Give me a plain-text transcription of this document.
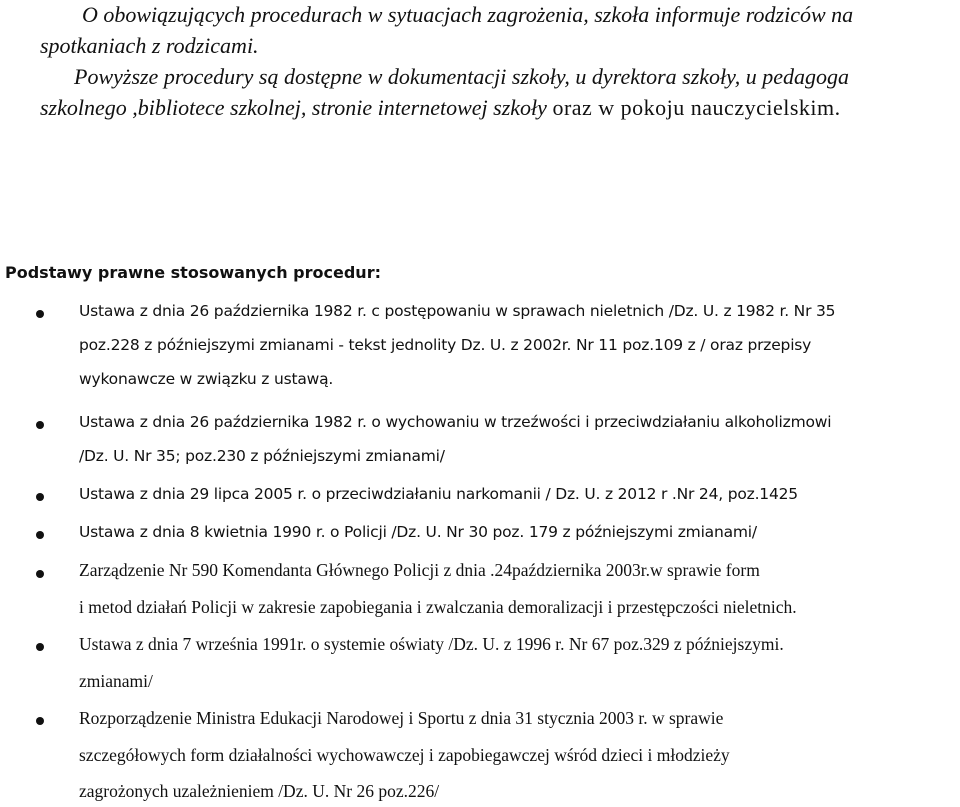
O obowiązujących procedurach w sytuacjach zagrożenia, szkoła informuje rodziców na

spotkaniach z rodzicami.

Powyższe procedury są dostępne w dokumentacji szkoły, u dyrektora szkoły, u pedagoga

szkolnego ,bibliotece szkolnej, stronie internetowej szkoły oraz w pokoju nauczycielskim.

Podstawy prawne stosowanych procedur:
Ustawa z dnia 26 października 1982 r. c postępowaniu w sprawach nieletnich /Dz. U. z 1982 r. Nr 35
poz.228 z późniejszymi zmianami - tekst jednolity Dz. U. z 2002r. Nr 11 poz.109 z / oraz przepisy
wykonawcze w związku z ustawą.
Ustawa z dnia 26 października 1982 r. o wychowaniu w trzeźwości i przeciwdziałaniu alkoholizmowi
/Dz. U. Nr 35; poz.230 z późniejszymi zmianami/
Ustawa z dnia 29 lipca 2005 r. o przeciwdziałaniu narkomanii / Dz. U. z 2012 r .Nr 24, poz.1425
Ustawa z dnia 8 kwietnia 1990 r. o Policji /Dz. U. Nr 30 poz. 179 z późniejszymi zmianami/
Zarządzenie Nr 590 Komendanta Głównego Policji z dnia .24października 2003r.w sprawie form
i metod działań Policji w zakresie zapobiegania i zwalczania demoralizacji i przestępczości nieletnich.
Ustawa z dnia 7 września 1991r. o systemie oświaty /Dz. U. z 1996 r. Nr 67 poz.329 z późniejszymi.
zmianami/
Rozporządzenie Ministra Edukacji Narodowej i Sportu z dnia 31 stycznia 2003 r. w sprawie
szczegółowych form działalności wychowawczej i zapobiegawczej wśród dzieci i młodzieży
zagrożonych uzależnieniem /Dz. U. Nr 26 poz.226/
